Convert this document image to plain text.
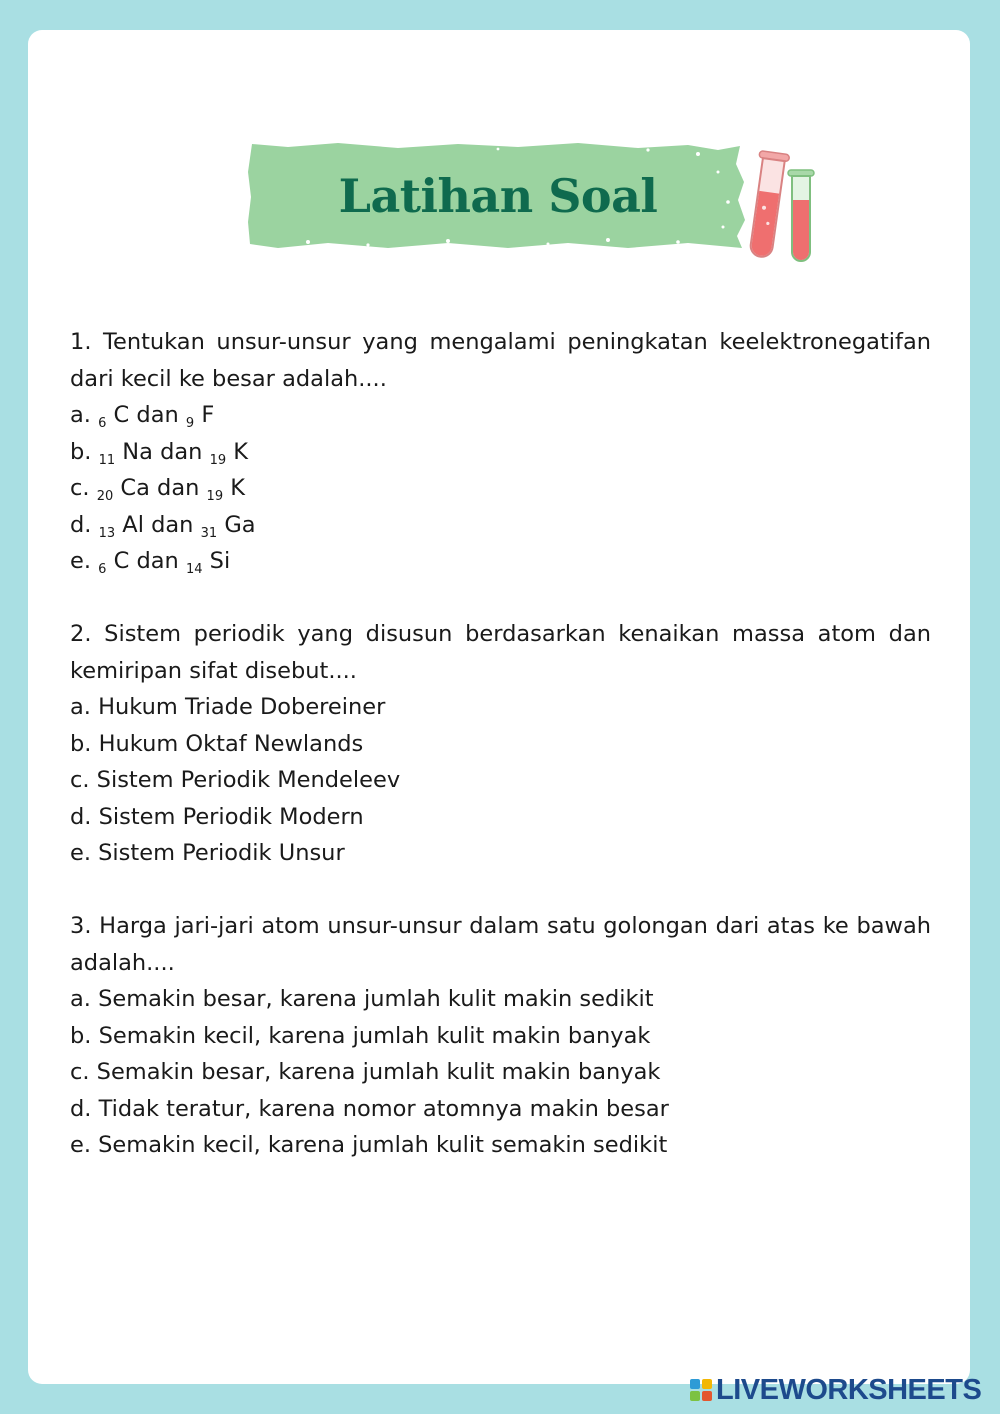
Latihan Soal
1. Tentukan unsur-unsur yang mengalami peningkatan keelektronegatifan dari kecil ke besar adalah....
a. $_6$ C dan $_9$ F
b. $_{11}$ Na dan $_{19}$ K
c. $_{20}$ Ca dan $_{19}$ K
d. $_{13}$ Al dan $_{31}$ Ga
e. $_6$ C dan $_{14}$ Si
2. Sistem periodik yang disusun berdasarkan kenaikan massa atom dan kemiripan sifat disebut....
a. Hukum Triade Dobereiner
b. Hukum Oktaf Newlands
c. Sistem Periodik Mendeleev
d. Sistem Periodik Modern
e. Sistem Periodik Unsur
3. Harga jari-jari atom unsur-unsur dalam satu golongan dari atas ke bawah adalah....
a. Semakin besar, karena jumlah kulit makin sedikit
b. Semakin kecil, karena jumlah kulit makin banyak
c. Semakin besar, karena jumlah kulit makin banyak
d. Tidak teratur, karena nomor atomnya makin besar
e. Semakin kecil, karena jumlah kulit semakin sedikit
LIVEWORKSHEETS
